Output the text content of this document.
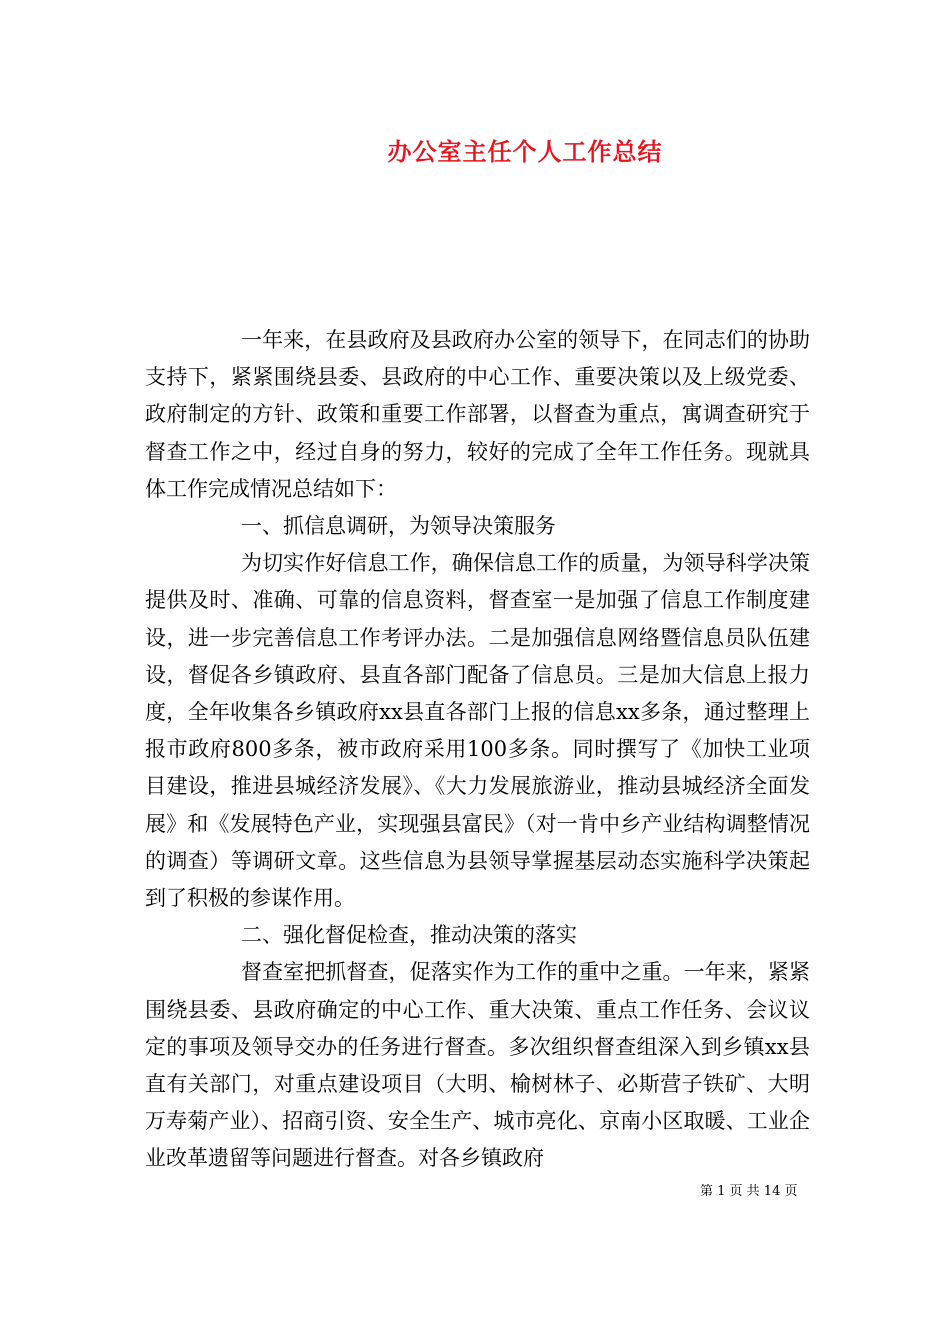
办公室主任个人工作总结

一年来，在县政府及县政府办公室的领导下，在同志们的协助支持下，紧紧围绕县委、县政府的中心工作、重要决策以及上级党委、政府制定的方针、政策和重要工作部署，以督查为重点，寓调查研究于督查工作之中，经过自身的努力，较好的完成了全年工作任务。现就具体工作完成情况总结如下：

一、抓信息调研，为领导决策服务

为切实作好信息工作，确保信息工作的质量，为领导科学决策提供及时、准确、可靠的信息资料，督查室一是加强了信息工作制度建设，进一步完善信息工作考评办法。二是加强信息网络暨信息员队伍建设，督促各乡镇政府、县直各部门配备了信息员。三是加大信息上报力度，全年收集各乡镇政府xx县直各部门上报的信息xx多条，通过整理上报市政府800多条，被市政府采用100多条。同时撰写了《加快工业项目建设，推进县城经济发展》、《大力发展旅游业，推动县城经济全面发展》和《发展特色产业，实现强县富民》（对一肯中乡产业结构调整情况的调查）等调研文章。这些信息为县领导掌握基层动态实施科学决策起到了积极的参谋作用。

二、强化督促检查，推动决策的落实

督查室把抓督查，促落实作为工作的重中之重。一年来，紧紧围绕县委、县政府确定的中心工作、重大决策、重点工作任务、会议议定的事项及领导交办的任务进行督查。多次组织督查组深入到乡镇xx县直有关部门，对重点建设项目（大明、榆树林子、必斯营子铁矿、大明万寿菊产业）、招商引资、安全生产、城市亮化、京南小区取暖、工业企业改革遗留等问题进行督查。对各乡镇政府

第 1 页 共 14 页
